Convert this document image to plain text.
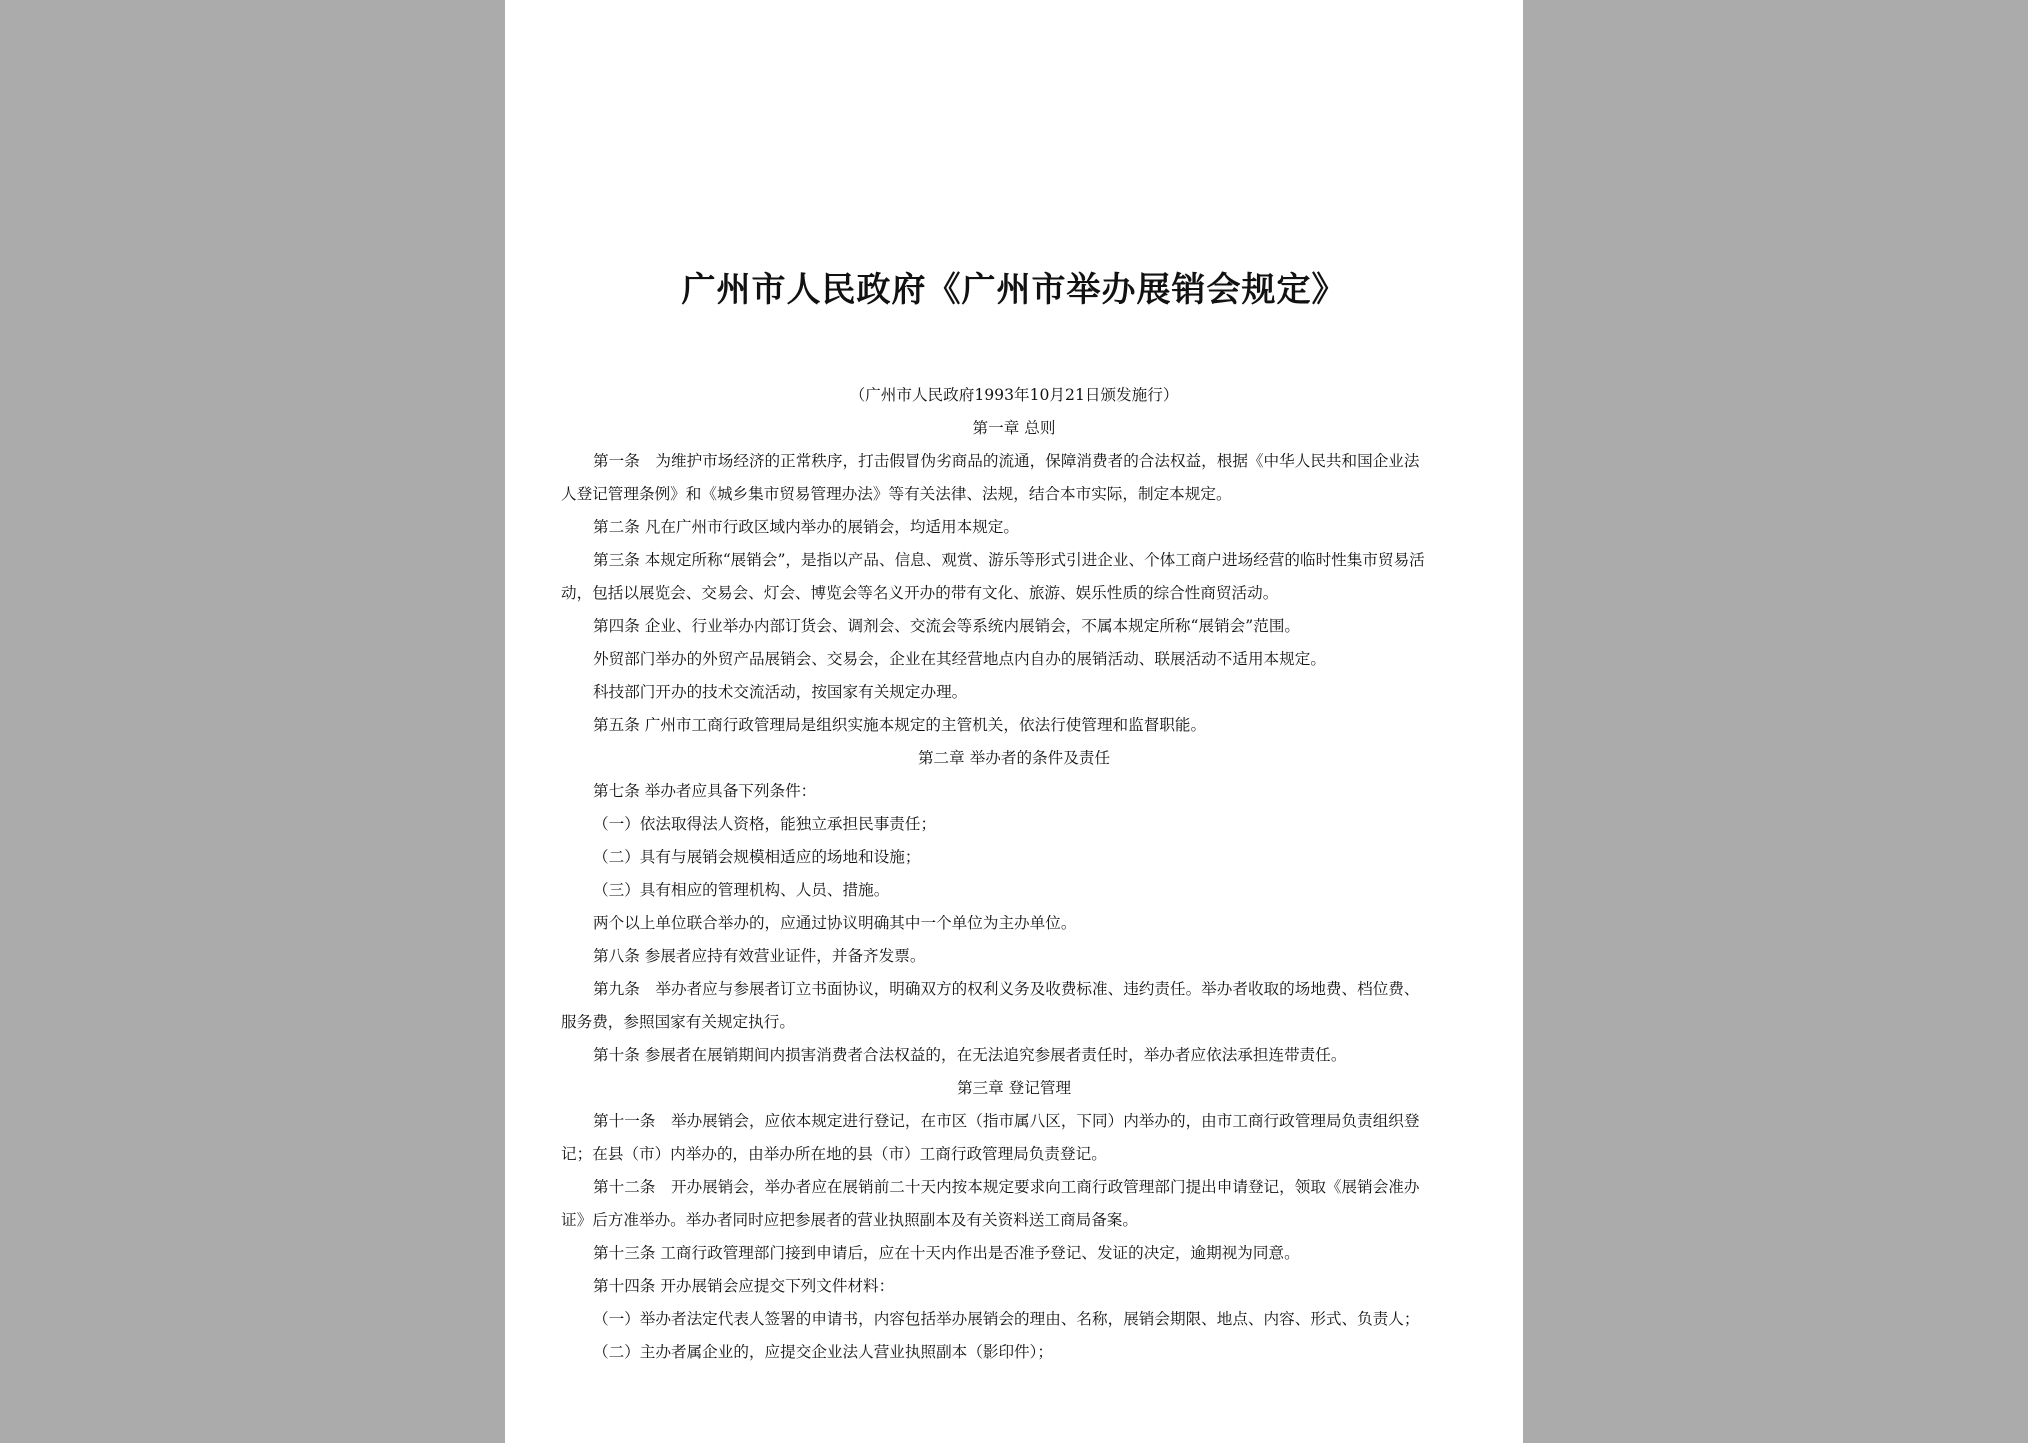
广州市人民政府《广州市举办展销会规定》
（广州市人民政府1993年10月21日颁发施行）
第一章 总则
第一条　为维护市场经济的正常秩序，打击假冒伪劣商品的流通，保障消费者的合法权益，根据《中华人民共和国企业法
人登记管理条例》和《城乡集市贸易管理办法》等有关法律、法规，结合本市实际，制定本规定。
第二条 凡在广州市行政区域内举办的展销会，均适用本规定。
第三条 本规定所称“展销会”，是指以产品、信息、观赏、游乐等形式引进企业、个体工商户进场经营的临时性集市贸易活
动，包括以展览会、交易会、灯会、博览会等名义开办的带有文化、旅游、娱乐性质的综合性商贸活动。
第四条 企业、行业举办内部订货会、调剂会、交流会等系统内展销会，不属本规定所称“展销会”范围。
外贸部门举办的外贸产品展销会、交易会，企业在其经营地点内自办的展销活动、联展活动不适用本规定。
科技部门开办的技术交流活动，按国家有关规定办理。
第五条 广州市工商行政管理局是组织实施本规定的主管机关，依法行使管理和监督职能。
第二章 举办者的条件及责任
第七条 举办者应具备下列条件：
（一）依法取得法人资格，能独立承担民事责任；
（二）具有与展销会规模相适应的场地和设施；
（三）具有相应的管理机构、人员、措施。
两个以上单位联合举办的，应通过协议明确其中一个单位为主办单位。
第八条 参展者应持有效营业证件，并备齐发票。
第九条　举办者应与参展者订立书面协议，明确双方的权利义务及收费标准、违约责任。举办者收取的场地费、档位费、
服务费，参照国家有关规定执行。
第十条 参展者在展销期间内损害消费者合法权益的，在无法追究参展者责任时，举办者应依法承担连带责任。
第三章 登记管理
第十一条　举办展销会，应依本规定进行登记，在市区（指市属八区，下同）内举办的，由市工商行政管理局负责组织登
记；在县（市）内举办的，由举办所在地的县（市）工商行政管理局负责登记。
第十二条　开办展销会，举办者应在展销前二十天内按本规定要求向工商行政管理部门提出申请登记，领取《展销会准办
证》后方准举办。举办者同时应把参展者的营业执照副本及有关资料送工商局备案。
第十三条 工商行政管理部门接到申请后，应在十天内作出是否准予登记、发证的决定，逾期视为同意。
第十四条 开办展销会应提交下列文件材料：
（一）举办者法定代表人签署的申请书，内容包括举办展销会的理由、名称，展销会期限、地点、内容、形式、负责人；
（二）主办者属企业的，应提交企业法人营业执照副本（影印件）；
